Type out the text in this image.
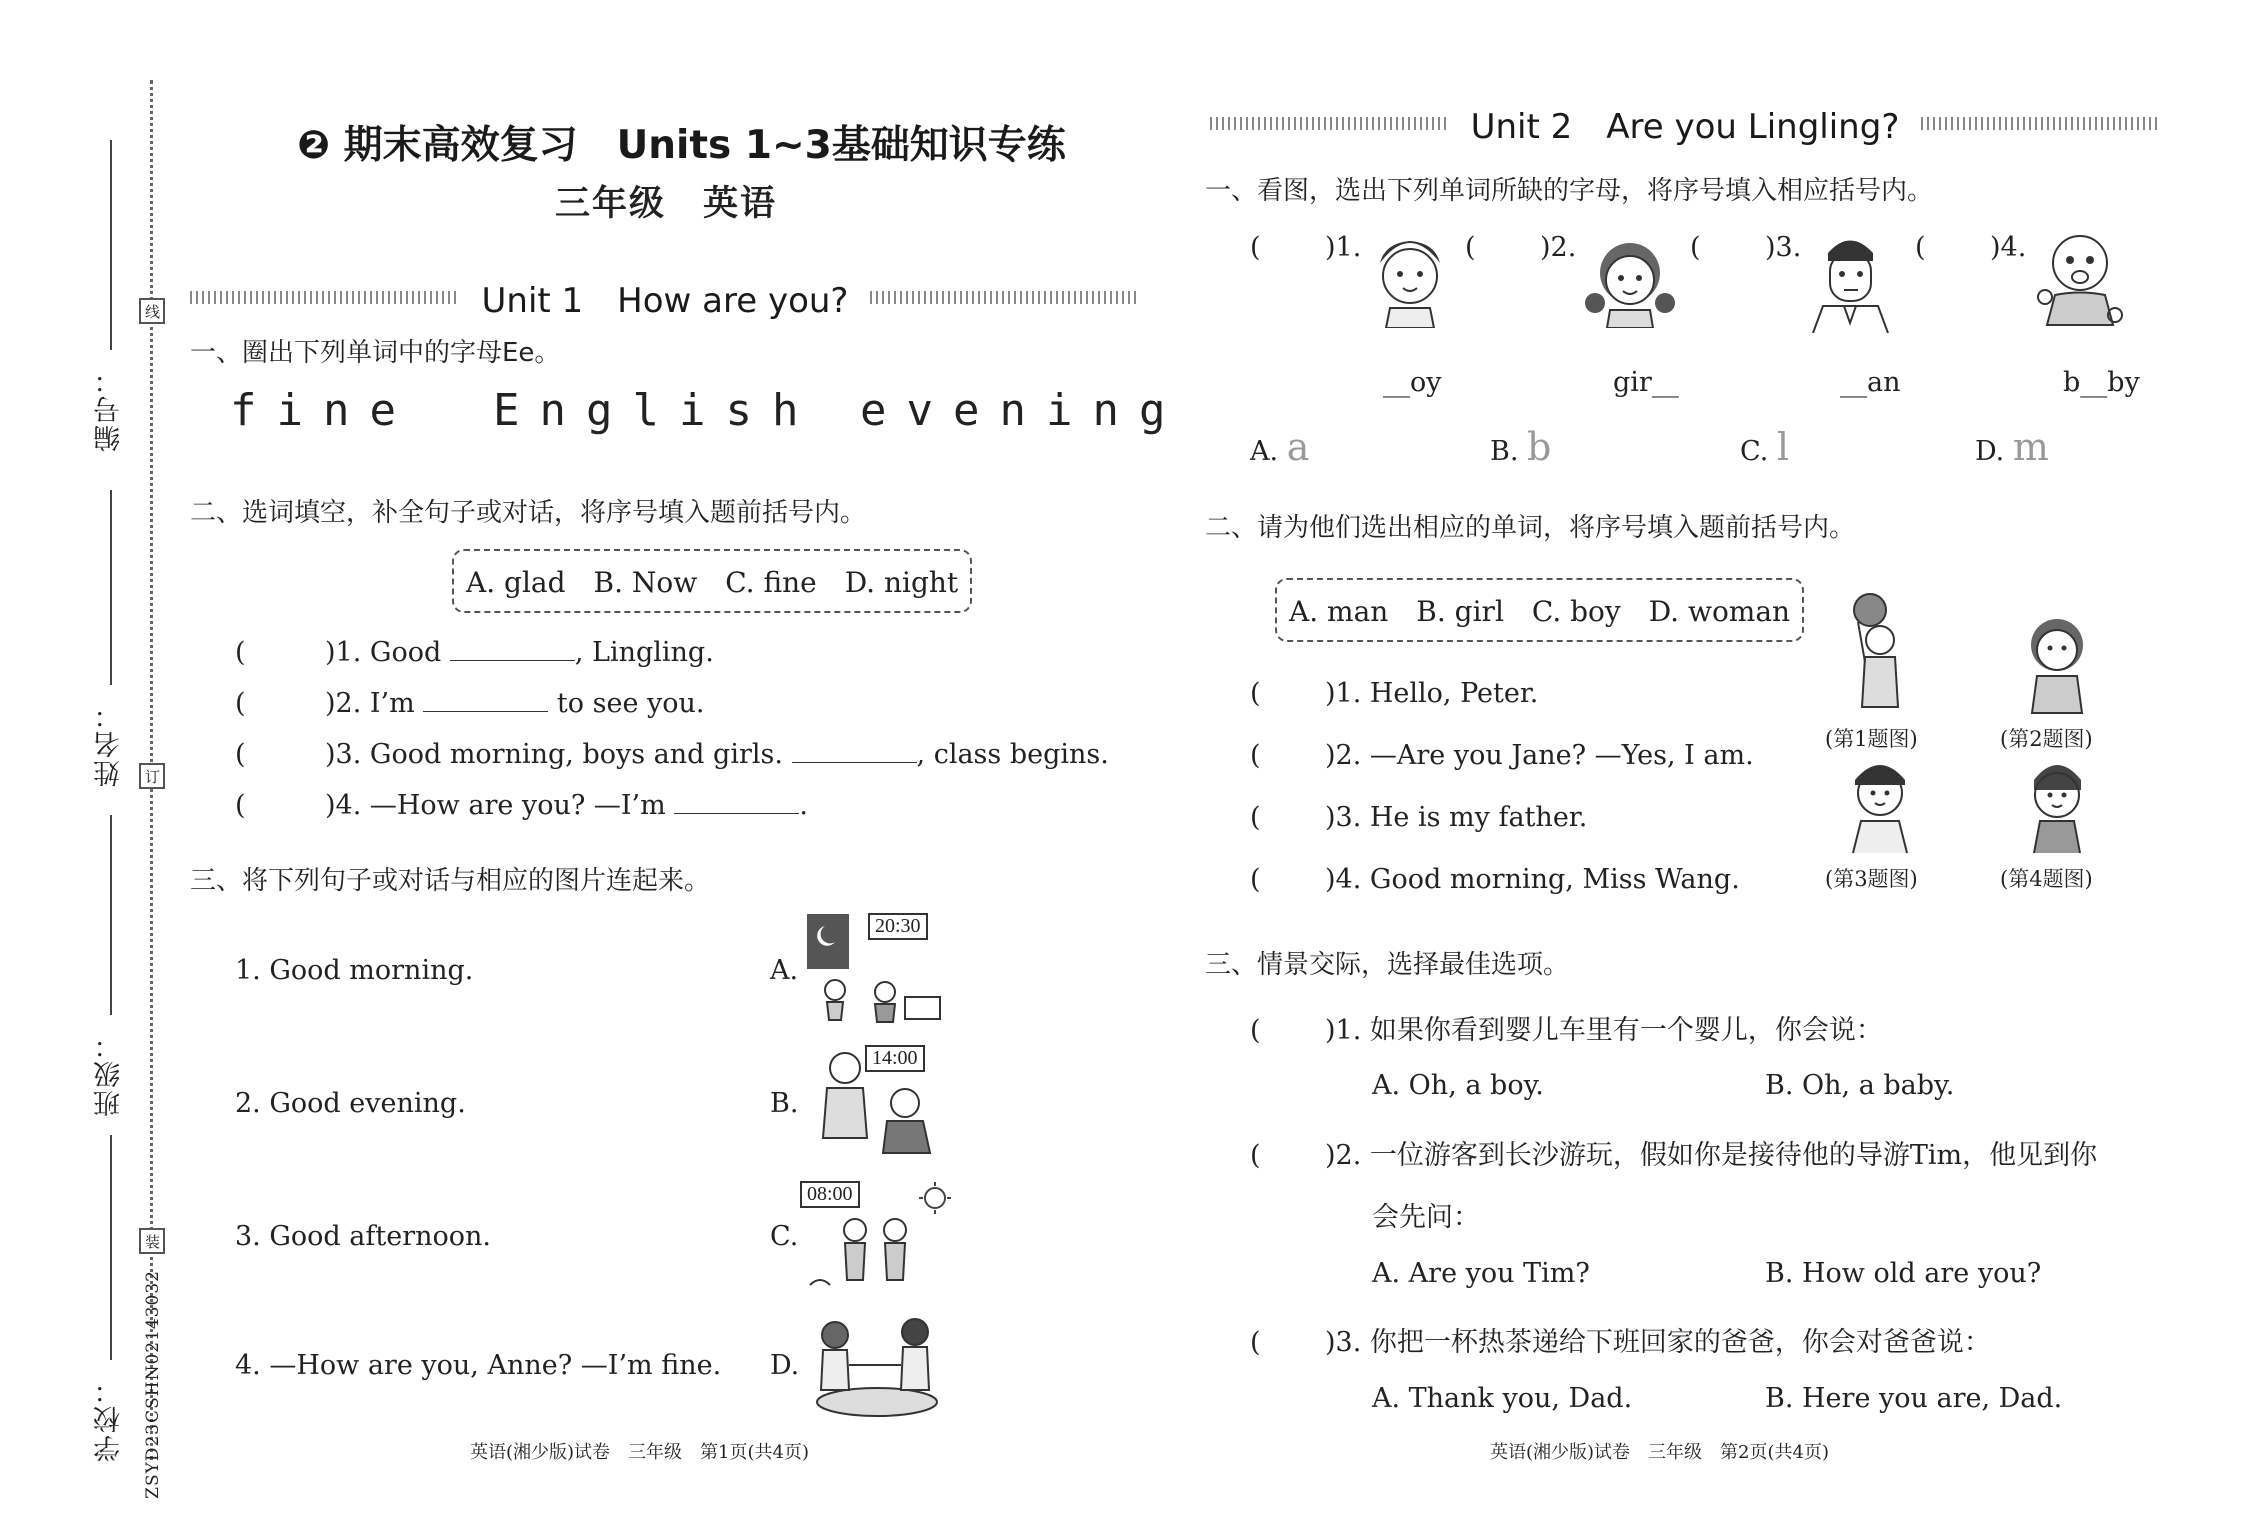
编号：
姓名：
班级：
学校：
线
订
装
ZSYD23CSHN02143032
❷ 期末高效复习　Units 1~3基础知识专练
三年级　英语
Unit 1　How are you?
一、圈出下列单词中的字母Ee。
fine English evening
二、选词填空，补全句子或对话，将序号填入题前括号内。
A. glad　B. Now　C. fine　D. night
(	)1. Good	, Lingling.
(	)2. I’m	to see you.
(	)3. Good morning, boys and girls.	, class begins.
(	)4. —How are you? —I’m	.
三、将下列句子或对话与相应的图片连起来。
1. Good morning.
2. Good evening.
3. Good afternoon.
4. —How are you, Anne? —I’m fine.
A.
B.
C.
D.
20:30
14:00
08:00
英语(湘少版)试卷　三年级　第1页(共4页)
Unit 2　Are you Lingling?
一、看图，选出下列单词所缺的字母，将序号填入相应括号内。
( )1.	( )2.	( )3.	( )4.
__oy	gir__	__an	b__by
A. a	B. b	C. l	D. m
二、请为他们选出相应的单词，将序号填入题前括号内。
A. man　B. girl　C. boy　D. woman
( )1. Hello, Peter.
( )2. —Are you Jane? —Yes, I am.
( )3. He is my father.
( )4. Good morning, Miss Wang.
(第1题图)	(第2题图)
(第3题图)	(第4题图)
三、情景交际，选择最佳选项。
( )1. 如果你看到婴儿车里有一个婴儿，你会说：
A. Oh, a boy.	B. Oh, a baby.
( )2. 一位游客到长沙游玩，假如你是接待他的导游Tim，他见到你
会先问：
A. Are you Tim?	B. How old are you?
( )3. 你把一杯热茶递给下班回家的爸爸，你会对爸爸说：
A. Thank you, Dad.	B. Here you are, Dad.
英语(湘少版)试卷　三年级　第2页(共4页)
